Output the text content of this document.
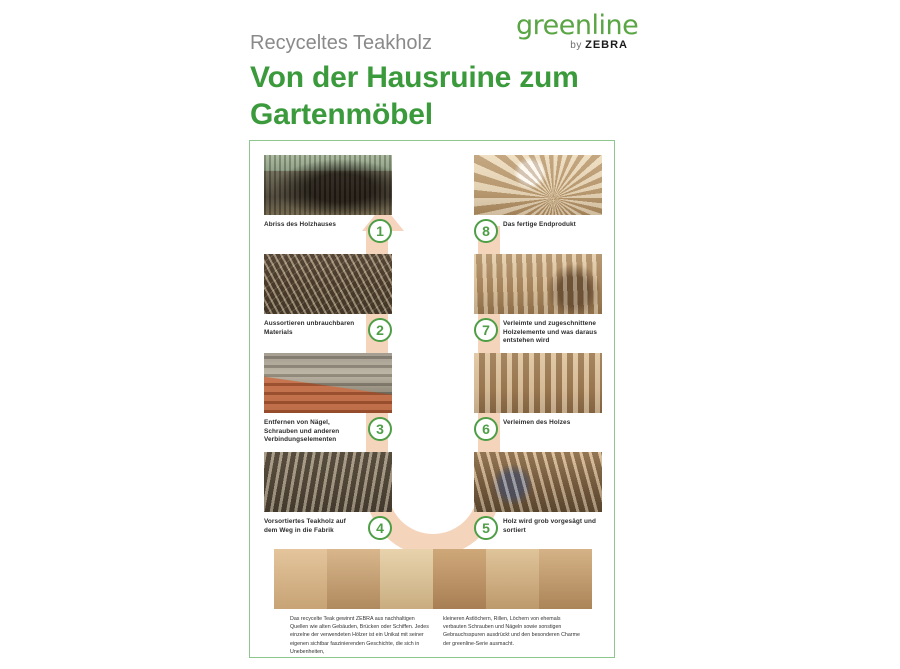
greenline
by ZEBRA
Recyceltes Teakholz
Von der Hausruine zum Gartenmöbel
Abriss des Holzhauses	1
Aussortieren unbrauchbaren Materials	2
Entfernen von Nägel, Schrauben und anderen Verbindungselementen
3
Vorsortiertes Teakholz auf dem Weg in die Fabrik	4
8	Das fertige Endprodukt
7	Verleimte und zugeschnittene Holzelemente und was daraus entstehen wird
6	Verleimen des Holzes
5	Holz wird grob vorgesägt und sortiert

Das recycelte Teak gewinnt ZEBRA aus nachhaltigen Quellen wie alten Gebäuden, Brücken oder Schiffen. Jedes einzelne der verwendeten Hölzer ist ein Unikat mit seiner eigenen sichtbar faszinierenden Geschichte, die sich in Unebenheiten,

kleineren Astlöchern, Rillen, Löchern von ehemals verbauten Schrauben und Nägeln sowie sonstigen Gebrauchsspuren ausdrückt und den besonderen Charme der greenline-Serie ausmacht.
